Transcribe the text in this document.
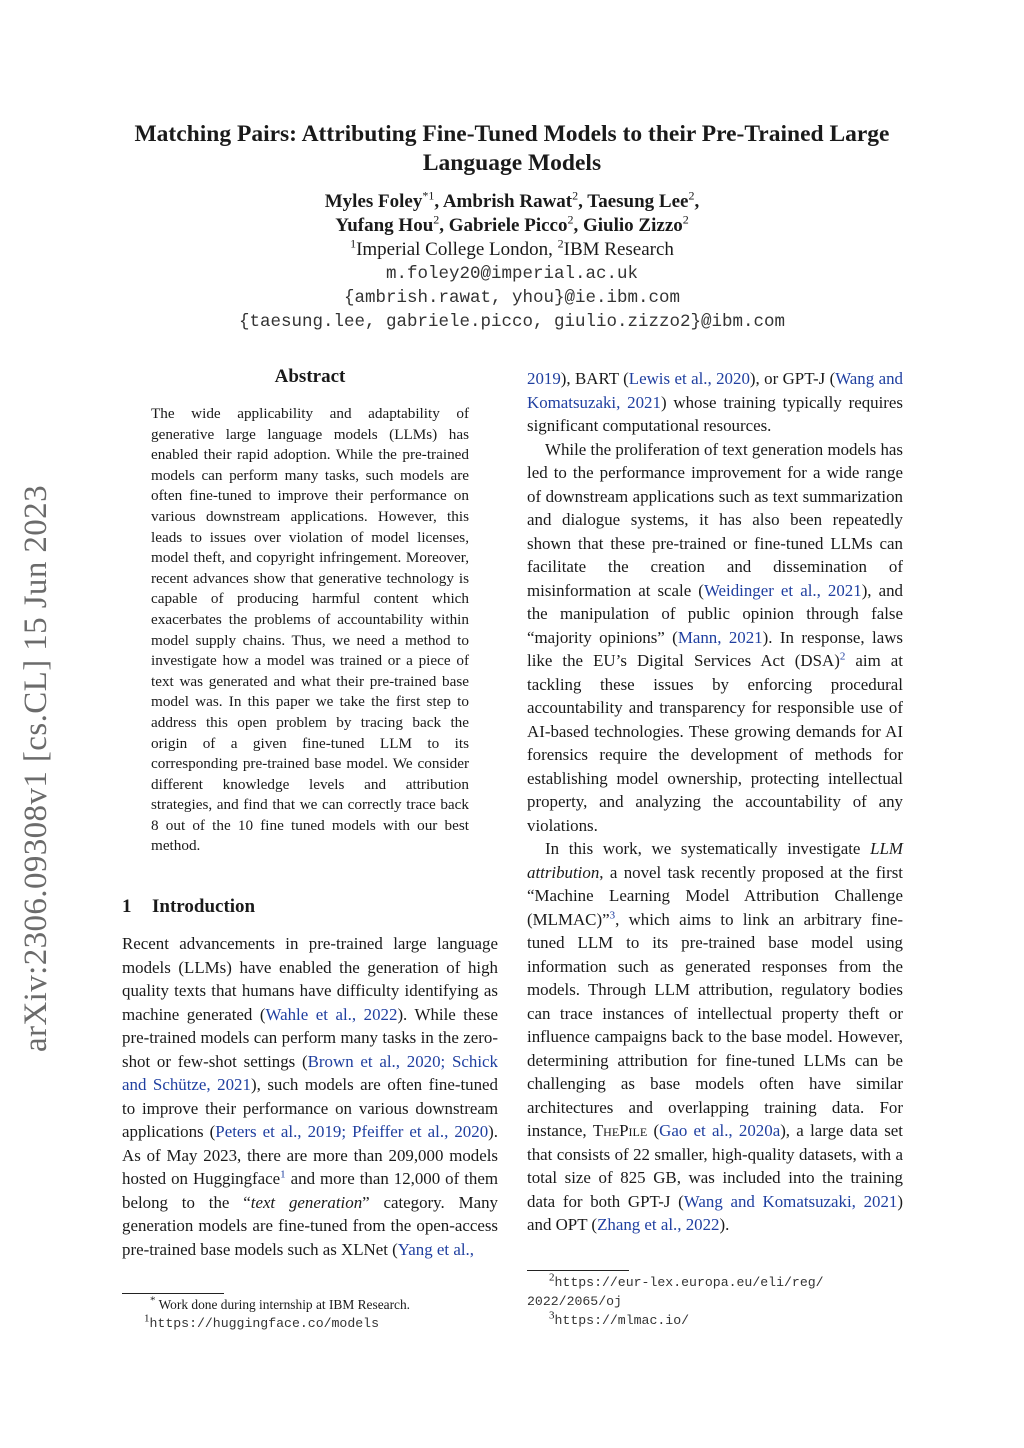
arXiv:2306.09308v1 [cs.CL] 15 Jun 2023
Matching Pairs: Attributing Fine-Tuned Models to their Pre-Trained Large
Language Models
Myles Foley$^{*1}$, Ambrish Rawat$^2$, Taesung Lee$^2$,
Yufang Hou$^2$, Gabriele Picco$^2$, Giulio Zizzo$^2$
$^1$Imperial College London, $^2$IBM Research
m.foley20@imperial.ac.uk
{ambrish.rawat, yhou}@ie.ibm.com
{taesung.lee, gabriele.picco, giulio.zizzo2}@ibm.com
Abstract
The wide applicability and adaptability of generative large language models (LLMs) has enabled their rapid adoption. While the pre-trained models can perform many tasks, such models are often fine-tuned to improve their performance on various downstream applications. However, this leads to issues over violation of model licenses, model theft, and copyright infringement. Moreover, recent advances show that generative technology is capable of producing harmful content which exacerbates the problems of accountability within model supply chains. Thus, we need a method to investigate how a model was trained or a piece of text was generated and what their pre-trained base model was. In this paper we take the first step to address this open problem by tracing back the origin of a given fine-tuned LLM to its corresponding pre-trained base model. We consider different knowledge levels and attribution strategies, and find that we can correctly trace back 8 out of the 10 fine tuned models with our best method.
1 Introduction

Recent advancements in pre-trained large language models (LLMs) have enabled the generation of high quality texts that humans have difficulty identifying as machine generated (Wahle et al., 2022). While these pre-trained models can perform many tasks in the zero-shot or few-shot settings (Brown et al., 2020; Schick and Schütze, 2021), such models are often fine-tuned to improve their performance on various downstream applications (Peters et al., 2019; Pfeiffer et al., 2020). As of May 2023, there are more than 209,000 models hosted on Huggingface$^1$ and more than 12,000 of them belong to the “text generation” category. Many generation models are fine-tuned from the open-access pre-trained base models such as XLNet (Yang et al.,

* Work done during internship at IBM Research.
$^1$https://huggingface.co/models

2019), BART (Lewis et al., 2020), or GPT-J (Wang and Komatsuzaki, 2021) whose training typically requires significant computational resources.

While the proliferation of text generation models has led to the performance improvement for a wide range of downstream applications such as text summarization and dialogue systems, it has also been repeatedly shown that these pre-trained or fine-tuned LLMs can facilitate the creation and dissemination of misinformation at scale (Weidinger et al., 2021), and the manipulation of public opinion through false “majority opinions” (Mann, 2021). In response, laws like the EU’s Digital Services Act (DSA)$^2$ aim at tackling these issues by enforcing procedural accountability and transparency for responsible use of AI-based technologies. These growing demands for AI forensics require the development of methods for establishing model ownership, protecting intellectual property, and analyzing the accountability of any violations.

In this work, we systematically investigate LLM attribution, a novel task recently proposed at the first “Machine Learning Model Attribution Challenge (MLMAC)”$^3$, which aims to link an arbitrary fine-tuned LLM to its pre-trained base model using information such as generated responses from the models. Through LLM attribution, regulatory bodies can trace instances of intellectual property theft or influence campaigns back to the base model. However, determining attribution for fine-tuned LLMs can be challenging as base models often have similar architectures and overlapping training data. For instance, ThePile (Gao et al., 2020a), a large data set that consists of 22 smaller, high-quality datasets, with a total size of 825 GB, was included into the training data for both GPT-J (Wang and Komatsuzaki, 2021) and OPT (Zhang et al., 2022).

$^2$https://eur-lex.europa.eu/eli/reg/
2022/2065/oj
$^3$https://mlmac.io/
